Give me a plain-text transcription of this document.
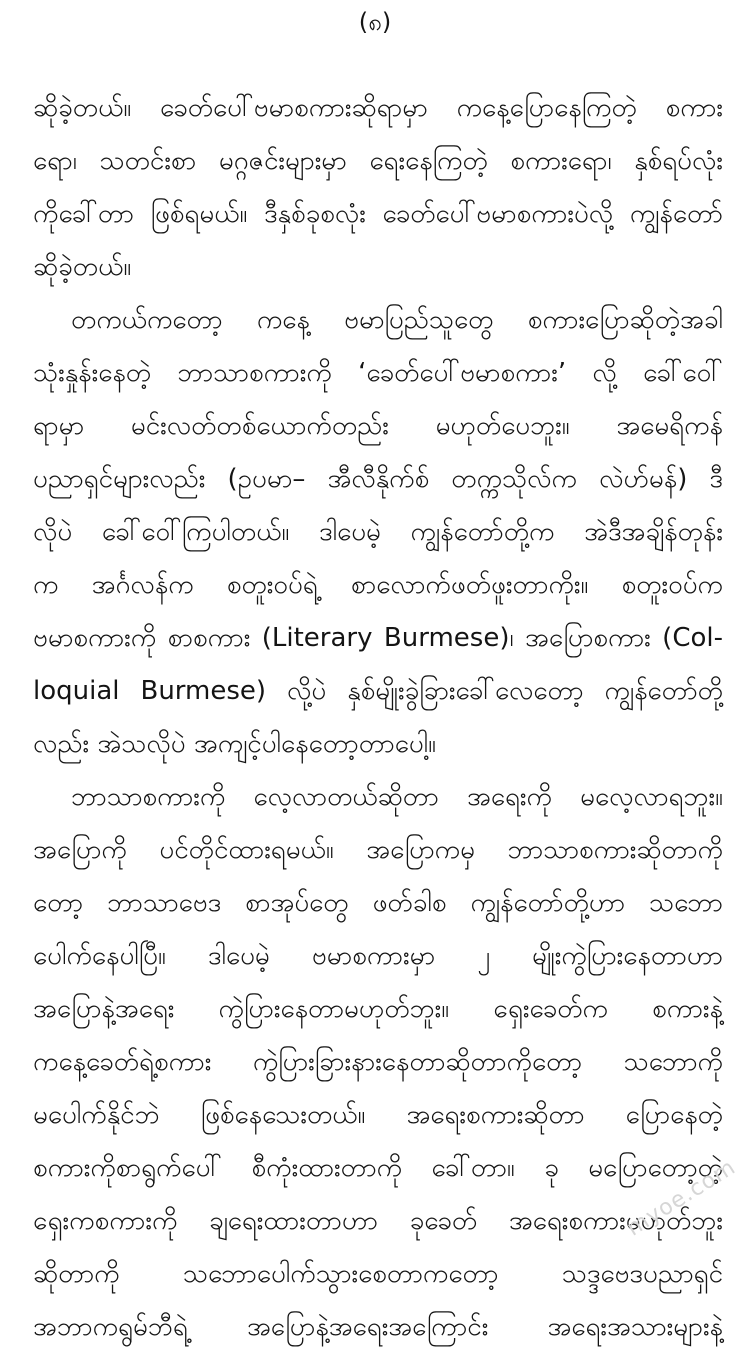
(၈)

ဆိုခဲ့တယ်။ ခေတ်ပေါ်ဗမာစကားဆိုရာမှာ ကနေ့ပြောနေကြတဲ့ စကား
ရော၊ သတင်းစာ မဂ္ဂဇင်းများမှာ ရေးနေကြတဲ့ စကားရော၊ နှစ်ရပ်လုံး
ကိုခေါ်တာ ဖြစ်ရမယ်။ ဒီနှစ်ခုစလုံး ခေတ်ပေါ်ဗမာစကားပဲလို့ ကျွန်တော်
ဆိုခဲ့တယ်။

တကယ်ကတော့ ကနေ့ ဗမာပြည်သူတွေ စကားပြောဆိုတဲ့အခါ
သုံးနှုန်းနေတဲ့ ဘာသာစကားကို ‘ခေတ်ပေါ်ဗမာစကား’ လို့ ခေါ်ဝေါ်
ရာမှာ မင်းလတ်တစ်ယောက်တည်း မဟုတ်ပေဘူး။ အမေရိကန်
ပညာရှင်များလည်း (ဥပမာ– အီလီနိုက်စ် တက္ကသိုလ်က လဲဟ်မန်) ဒီ
လိုပဲ ခေါ်ဝေါ်ကြပါတယ်။ ဒါပေမဲ့ ကျွန်တော်တို့က အဲဒီအချိန်တုန်း
က အင်္ဂလန်က စတူးဝပ်ရဲ့ စာလောက်ဖတ်ဖူးတာကိုး။ စတူးဝပ်က
ဗမာစကားကို စာစကား (Literary Burmese)၊ အပြောစကား (Col-
loquial Burmese) လို့ပဲ နှစ်မျိုးခွဲခြားခေါ်လေတော့ ကျွန်တော်တို့
လည်း အဲသလိုပဲ အကျင့်ပါနေတော့တာပေါ့။

ဘာသာစကားကို လေ့လာတယ်ဆိုတာ အရေးကို မလေ့လာရဘူး။
အပြောကို ပင်တိုင်ထားရမယ်။ အပြောကမှ ဘာသာစကားဆိုတာကို
တော့ ဘာသာဗေဒ စာအုပ်တွေ ဖတ်ခါစ ကျွန်တော်တို့ဟာ သဘော
ပေါက်နေပါပြီ။ ဒါပေမဲ့ ဗမာစကားမှာ ၂ မျိုးကွဲပြားနေတာဟာ
အပြောနဲ့အရေး ကွဲပြားနေတာမဟုတ်ဘူး။ ရှေးခေတ်က စကားနဲ့
ကနေ့ခေတ်ရဲ့စကား ကွဲပြားခြားနားနေတာဆိုတာကိုတော့ သဘောကို
မပေါက်နိုင်ဘဲ ဖြစ်နေသေးတယ်။ အရေးစကားဆိုတာ ပြောနေတဲ့
စကားကိုစာရွက်ပေါ် စီကုံးထားတာကို ခေါ်တာ။ ခု မပြောတော့တဲ့
ရှေးကစကားကို ချရေးထားတာဟာ ခုခေတ် အရေးစကားမဟုတ်ဘူး
ဆိုတာကို သဘောပေါက်သွားစေတာကတော့ သဒ္ဒဗေဒပညာရှင်
အဘာကရွမ်ဘီရဲ့ အပြောနဲ့အရေးအကြောင်း အရေးအသားများနဲ့

myoe.com
